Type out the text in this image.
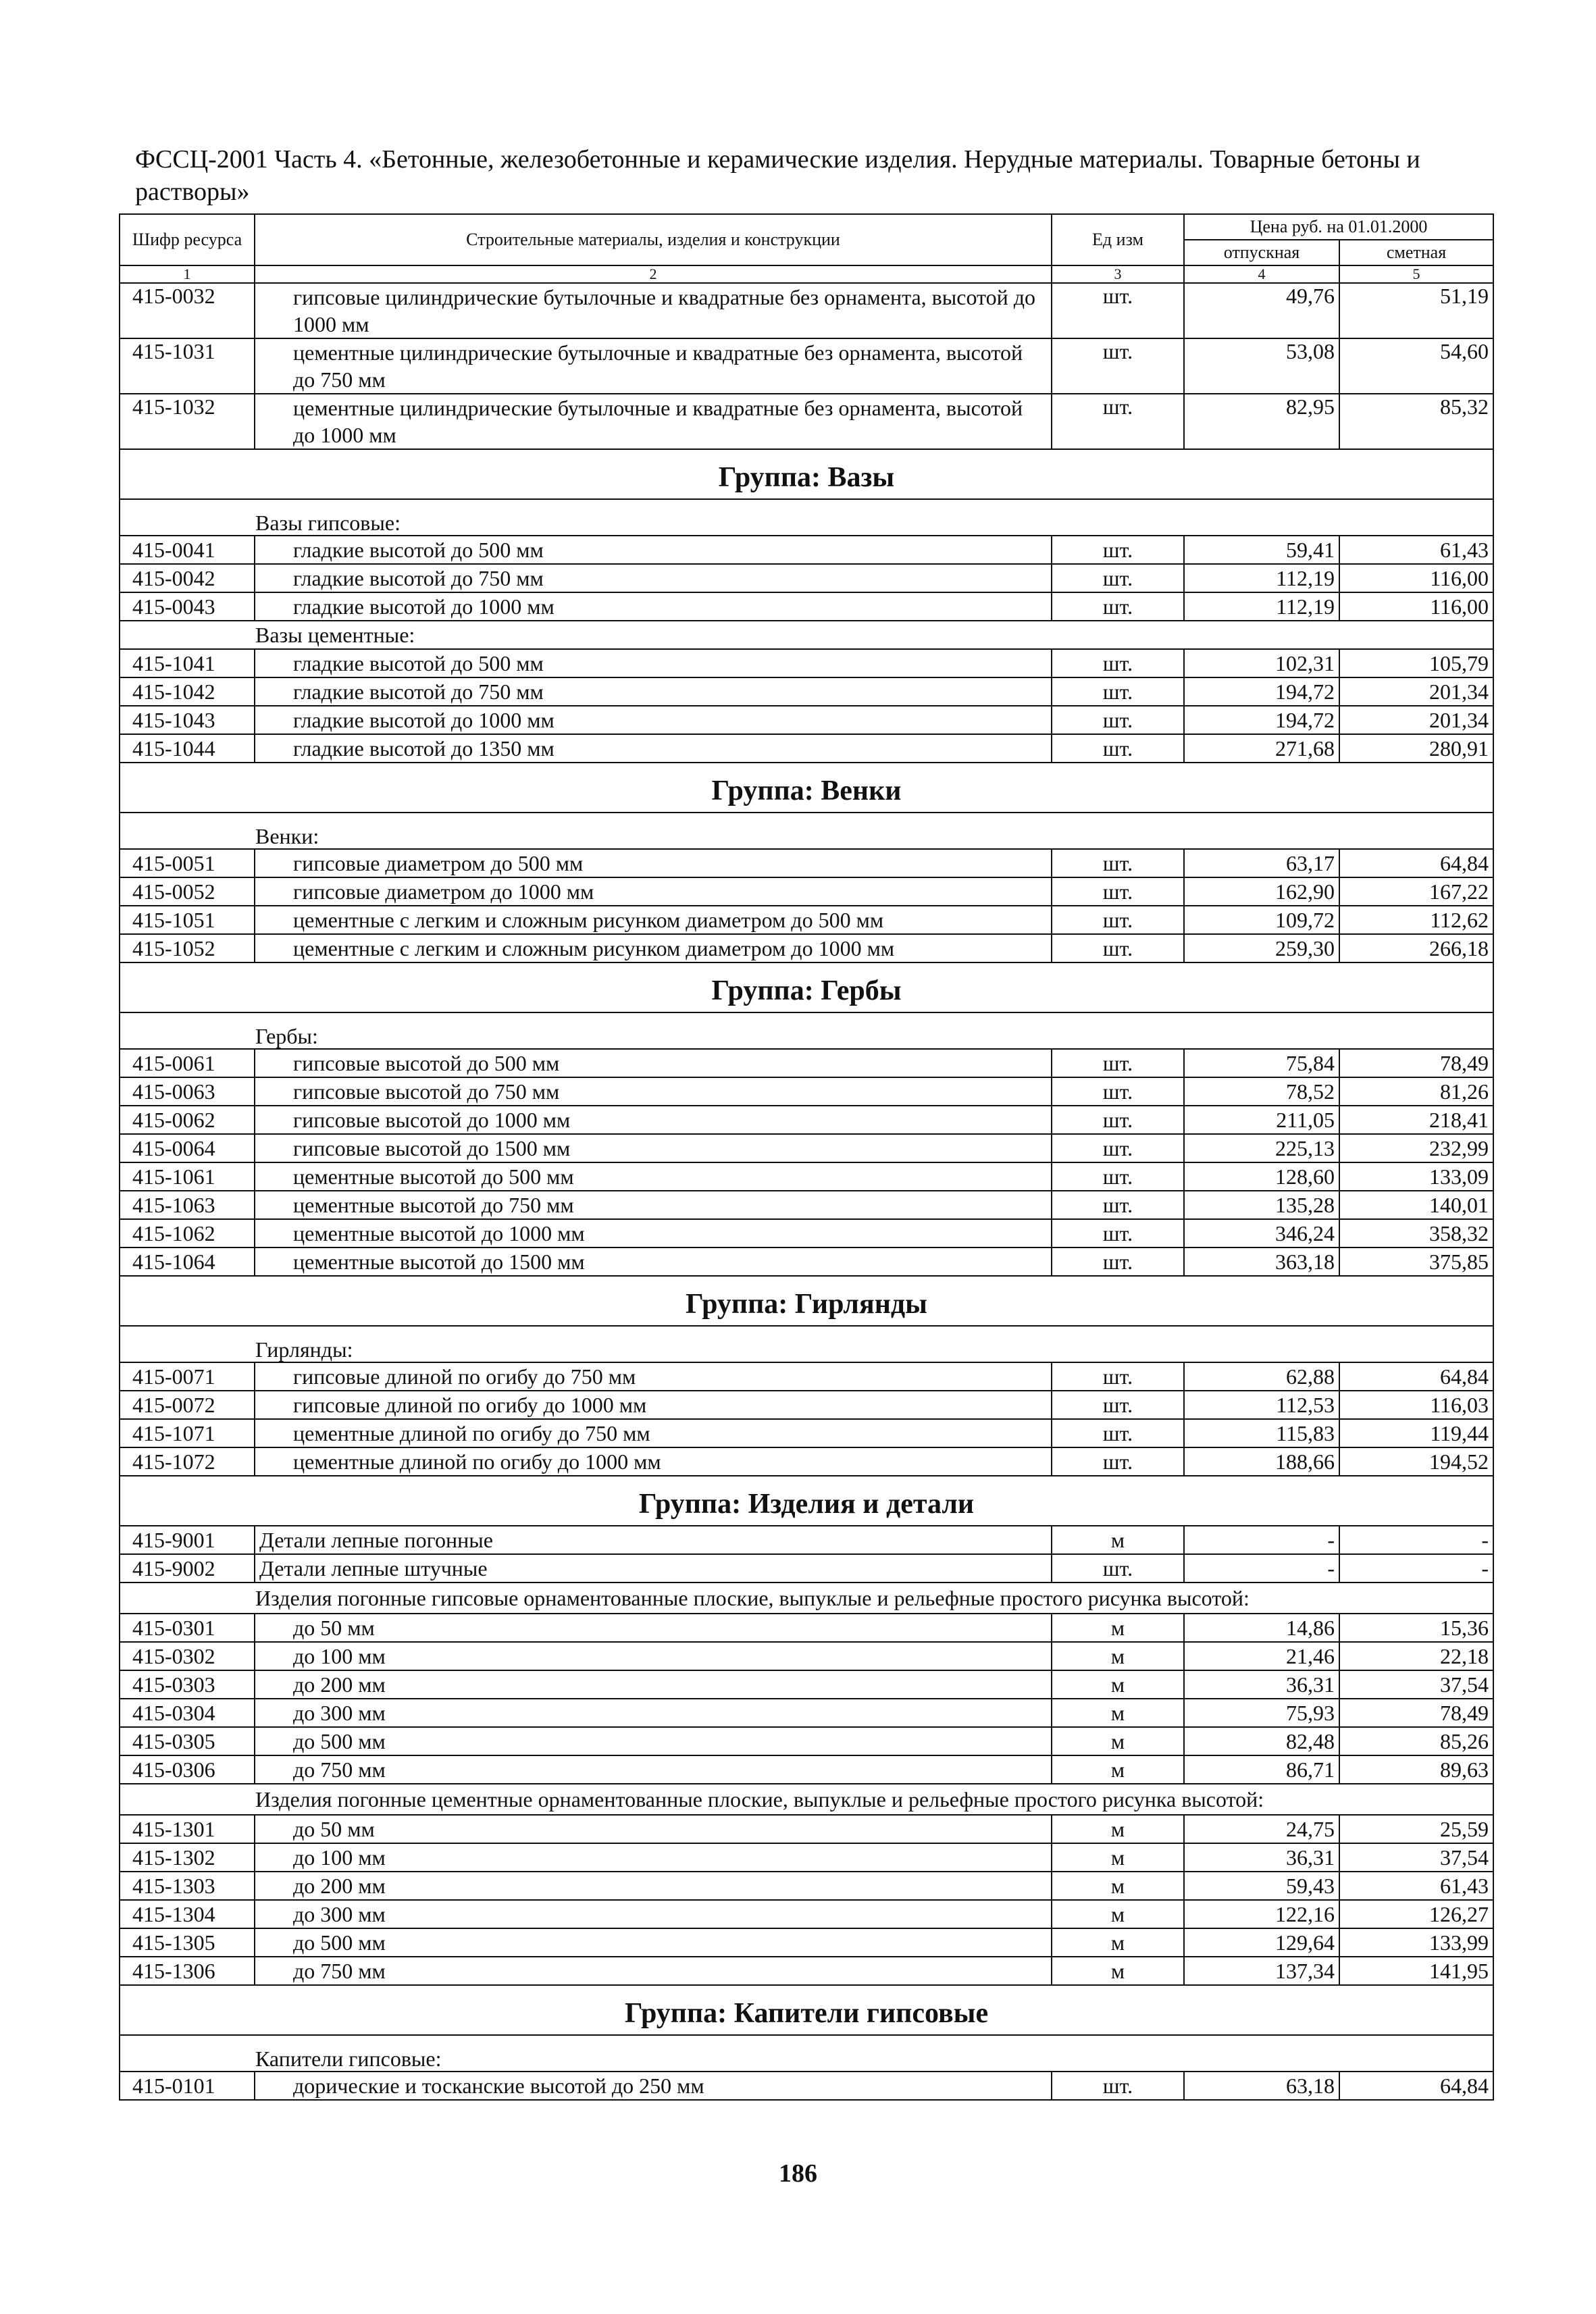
ФССЦ-2001 Часть 4. «Бетонные, железобетонные и керамические изделия. Нерудные материалы. Товарные бетоны и растворы»
Шифр ресурса	Строительные материалы, изделия и конструкции	Ед изм	Цена руб. на 01.01.2000	
			отпускная	сметная
1	2	3	4	5
415-0032	гипсовые цилиндрические бутылочные и квадратные без орнамента, высотой до 1000 мм	шт.	49,76	51,19
415-1031	цементные цилиндрические бутылочные и квадратные без орнамента, высотой до 750 мм	шт.	53,08	54,60
415-1032	цементные цилиндрические бутылочные и квадратные без орнамента, высотой до 1000 мм	шт.	82,95	85,32
Группа: Вазы				
Вазы гипсовые:				
415-0041	гладкие высотой до 500 мм	шт.	59,41	61,43
415-0042	гладкие высотой до 750 мм	шт.	112,19	116,00
415-0043	гладкие высотой до 1000 мм	шт.	112,19	116,00
Вазы цементные:				
415-1041	гладкие высотой до 500 мм	шт.	102,31	105,79
415-1042	гладкие высотой до 750 мм	шт.	194,72	201,34
415-1043	гладкие высотой до 1000 мм	шт.	194,72	201,34
415-1044	гладкие высотой до 1350 мм	шт.	271,68	280,91
Группа: Венки				
Венки:				
415-0051	гипсовые диаметром до 500 мм	шт.	63,17	64,84
415-0052	гипсовые диаметром до 1000 мм	шт.	162,90	167,22
415-1051	цементные с легким и сложным рисунком диаметром до 500 мм	шт.	109,72	112,62
415-1052	цементные с легким и сложным рисунком диаметром до 1000 мм	шт.	259,30	266,18
Группа: Гербы				
Гербы:				
415-0061	гипсовые высотой до 500 мм	шт.	75,84	78,49
415-0063	гипсовые высотой до 750 мм	шт.	78,52	81,26
415-0062	гипсовые высотой до 1000 мм	шт.	211,05	218,41
415-0064	гипсовые высотой до 1500 мм	шт.	225,13	232,99
415-1061	цементные высотой до 500 мм	шт.	128,60	133,09
415-1063	цементные высотой до 750 мм	шт.	135,28	140,01
415-1062	цементные высотой до 1000 мм	шт.	346,24	358,32
415-1064	цементные высотой до 1500 мм	шт.	363,18	375,85
Группа: Гирлянды				
Гирлянды:				
415-0071	гипсовые длиной по огибу до 750 мм	шт.	62,88	64,84
415-0072	гипсовые длиной по огибу до 1000 мм	шт.	112,53	116,03
415-1071	цементные длиной по огибу до 750 мм	шт.	115,83	119,44
415-1072	цементные длиной по огибу до 1000 мм	шт.	188,66	194,52
Группа: Изделия и детали				
415-9001	Детали лепные погонные	м	-	-
415-9002	Детали лепные штучные	шт.	-	-
Изделия погонные гипсовые орнаментованные плоские, выпуклые и рельефные простого рисунка высотой:				
415-0301	до 50 мм	м	14,86	15,36
415-0302	до 100 мм	м	21,46	22,18
415-0303	до 200 мм	м	36,31	37,54
415-0304	до 300 мм	м	75,93	78,49
415-0305	до 500 мм	м	82,48	85,26
415-0306	до 750 мм	м	86,71	89,63
Изделия погонные цементные орнаментованные плоские, выпуклые и рельефные простого рисунка высотой:				
415-1301	до 50 мм	м	24,75	25,59
415-1302	до 100 мм	м	36,31	37,54
415-1303	до 200 мм	м	59,43	61,43
415-1304	до 300 мм	м	122,16	126,27
415-1305	до 500 мм	м	129,64	133,99
415-1306	до 750 мм	м	137,34	141,95
Группа: Капители гипсовые				
Капители гипсовые:				
415-0101	дорические и тосканские высотой до 250 мм	шт.	63,18	64,84
186
